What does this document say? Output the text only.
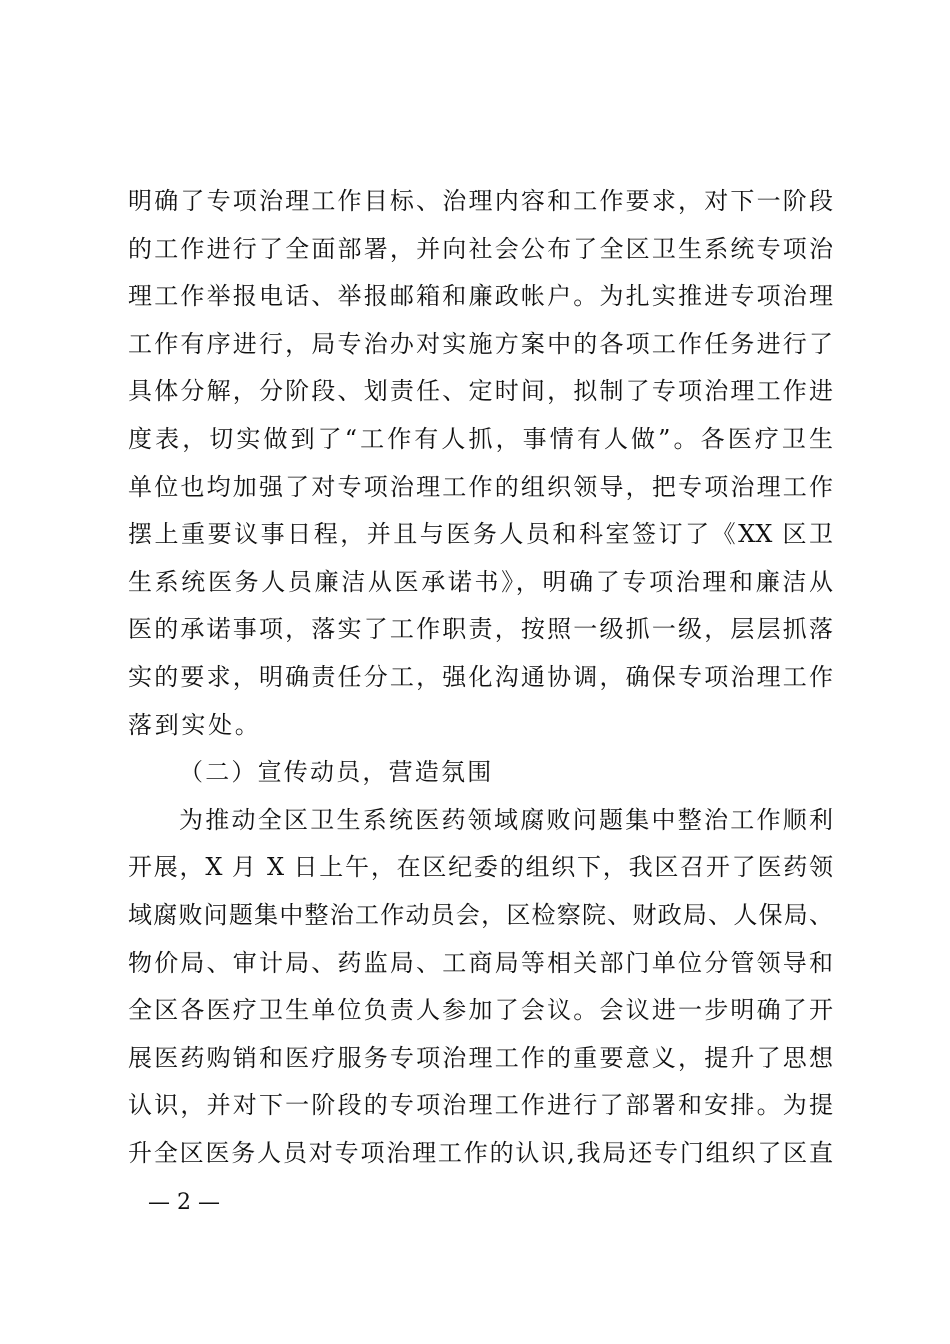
明确了专项治理工作目标、治理内容和工作要求，对下一阶段
的工作进行了全面部署，并向社会公布了全区卫生系统专项治
理工作举报电话、举报邮箱和廉政帐户。为扎实推进专项治理
工作有序进行，局专治办对实施方案中的各项工作任务进行了
具体分解，分阶段、划责任、定时间，拟制了专项治理工作进
度表，切实做到了“工作有人抓，事情有人做”。各医疗卫生
单位也均加强了对专项治理工作的组织领导，把专项治理工作
摆上重要议事日程，并且与医务人员和科室签订了《XX 区卫
生系统医务人员廉洁从医承诺书》，明确了专项治理和廉洁从
医的承诺事项，落实了工作职责，按照一级抓一级，层层抓落
实的要求，明确责任分工，强化沟通协调，确保专项治理工作
落到实处。
（二）宣传动员，营造氛围
为推动全区卫生系统医药领域腐败问题集中整治工作顺利
开展，X 月 X 日上午，在区纪委的组织下，我区召开了医药领
域腐败问题集中整治工作动员会，区检察院、财政局、人保局、
物价局、审计局、药监局、工商局等相关部门单位分管领导和
全区各医疗卫生单位负责人参加了会议。会议进一步明确了开
展医药购销和医疗服务专项治理工作的重要意义，提升了思想
认识，并对下一阶段的专项治理工作进行了部署和安排。为提
升全区医务人员对专项治理工作的认识,我局还专门组织了区直
— 2 —
